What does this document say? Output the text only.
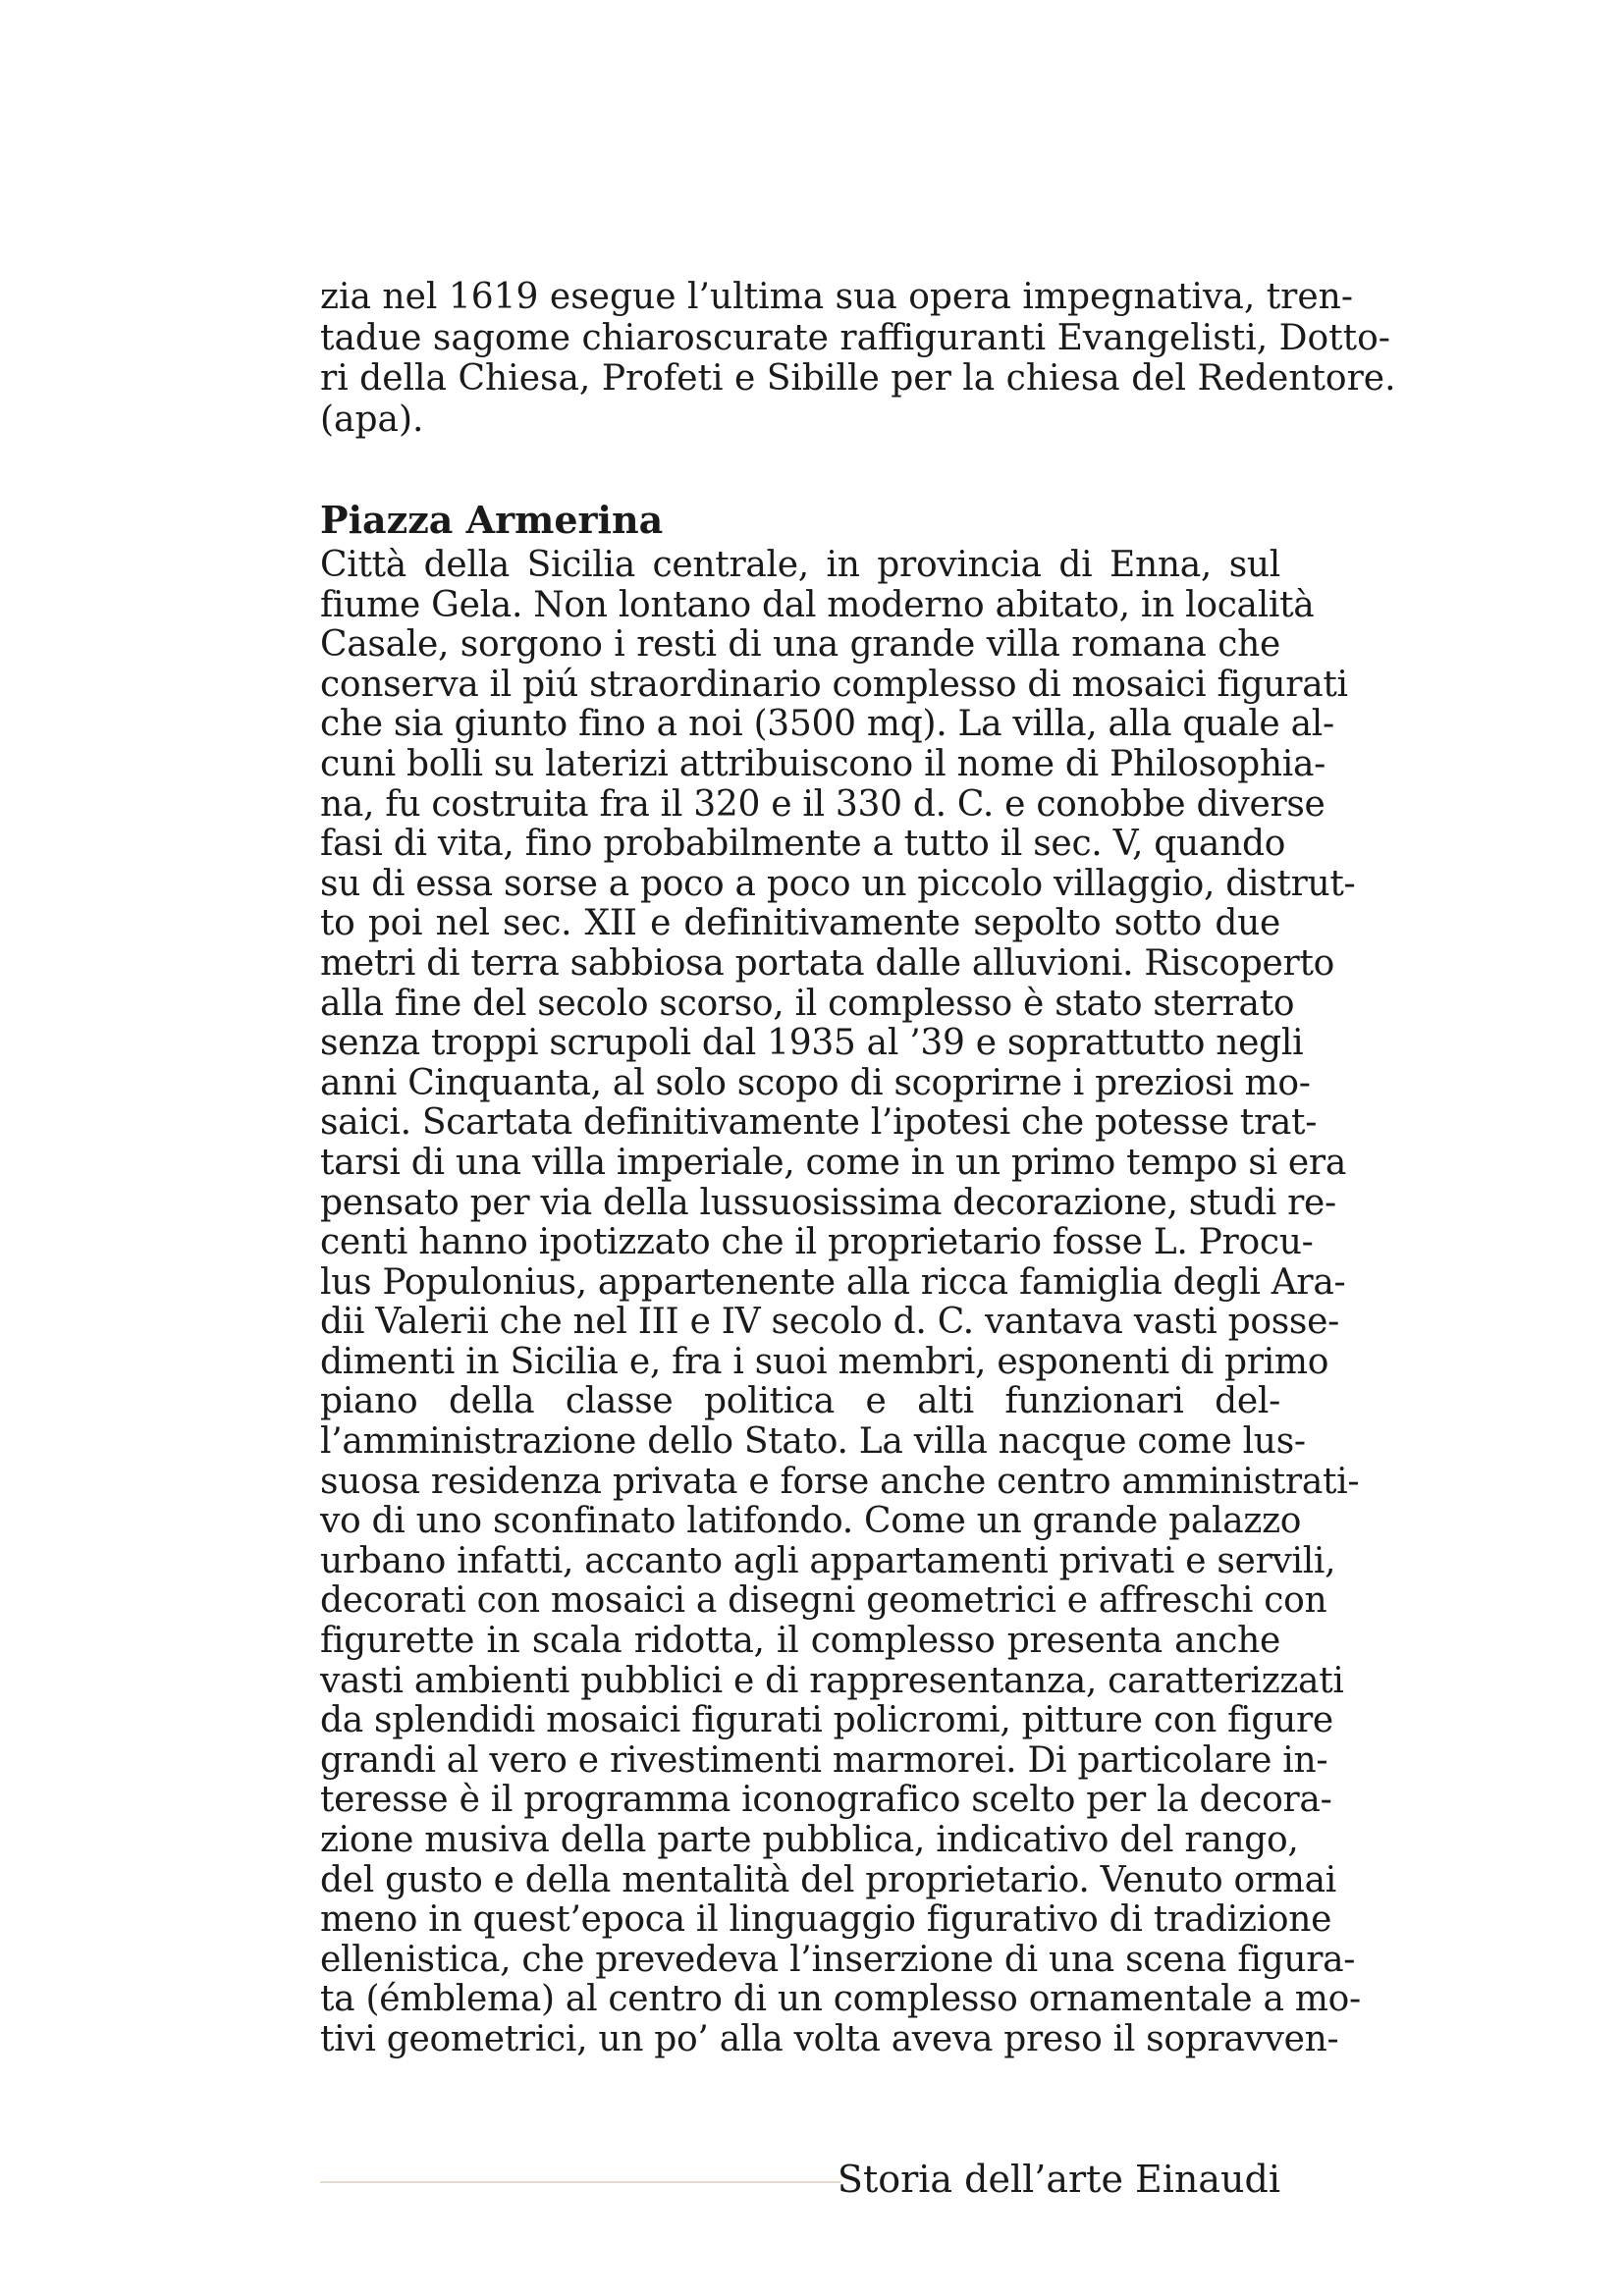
zia nel 1619 esegue l’ultima sua opera impegnativa, tren-
tadue sagome chiaroscurate raffiguranti Evangelisti, Dotto-
ri della Chiesa, Profeti e Sibille per la chiesa del Redentore.
(apa).
Piazza Armerina
Città della Sicilia centrale, in provincia di Enna, sul
fiume Gela. Non lontano dal moderno abitato, in località
Casale, sorgono i resti di una grande villa romana che
conserva il piú straordinario complesso di mosaici figurati
che sia giunto fino a noi (3500 mq). La villa, alla quale al-
cuni bolli su laterizi attribuiscono il nome di Philosophia-
na, fu costruita fra il 320 e il 330 d. C. e conobbe diverse
fasi di vita, fino probabilmente a tutto il sec. V, quando
su di essa sorse a poco a poco un piccolo villaggio, distrut-
to poi nel sec. XII e definitivamente sepolto sotto due
metri di terra sabbiosa portata dalle alluvioni. Riscoperto
alla fine del secolo scorso, il complesso è stato sterrato
senza troppi scrupoli dal 1935 al ’39 e soprattutto negli
anni Cinquanta, al solo scopo di scoprirne i preziosi mo-
saici. Scartata definitivamente l’ipotesi che potesse trat-
tarsi di una villa imperiale, come in un primo tempo si era
pensato per via della lussuosissima decorazione, studi re-
centi hanno ipotizzato che il proprietario fosse L. Procu-
lus Populonius, appartenente alla ricca famiglia degli Ara-
dii Valerii che nel III e IV secolo d. C. vantava vasti posse-
dimenti in Sicilia e, fra i suoi membri, esponenti di primo
piano della classe politica e alti funzionari del-
l’amministrazione dello Stato. La villa nacque come lus-
suosa residenza privata e forse anche centro amministrati-
vo di uno sconfinato latifondo. Come un grande palazzo
urbano infatti, accanto agli appartamenti privati e servili,
decorati con mosaici a disegni geometrici e affreschi con
figurette in scala ridotta, il complesso presenta anche
vasti ambienti pubblici e di rappresentanza, caratterizzati
da splendidi mosaici figurati policromi, pitture con figure
grandi al vero e rivestimenti marmorei. Di particolare in-
teresse è il programma iconografico scelto per la decora-
zione musiva della parte pubblica, indicativo del rango,
del gusto e della mentalità del proprietario. Venuto ormai
meno in quest’epoca il linguaggio figurativo di tradizione
ellenistica, che prevedeva l’inserzione di una scena figura-
ta (émblema) al centro di un complesso ornamentale a mo-
tivi geometrici, un po’ alla volta aveva preso il sopravven-
Storia dell’arte Einaudi
